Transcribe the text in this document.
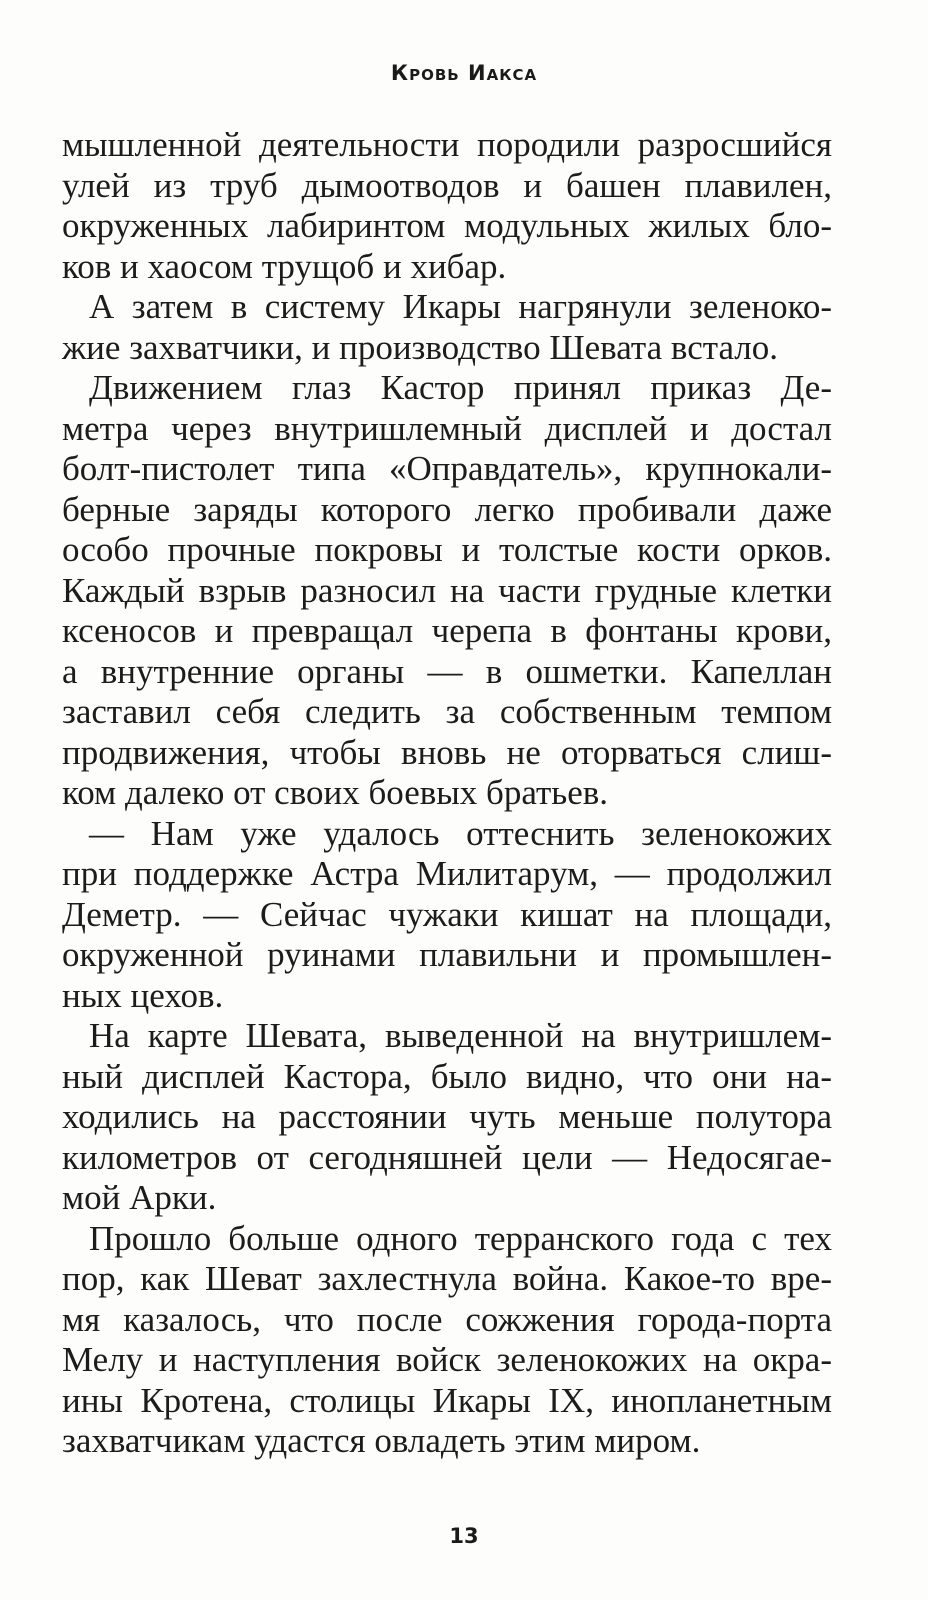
Кровь Иакса
мышленной деятельности породили разросшийся
улей из труб дымоотводов и башен плавилен,
окруженных лабиринтом модульных жилых бло-
ков и хаосом трущоб и хибар.
А затем в систему Икары нагрянули зеленоко-
жие захватчики, и производство Шевата встало.
Движением глаз Кастор принял приказ Де-
метра через внутришлемный дисплей и достал
болт-пистолет типа «Оправдатель», крупнокали-
берные заряды которого легко пробивали даже
особо прочные покровы и толстые кости орков.
Каждый взрыв разносил на части грудные клетки
ксеносов и превращал черепа в фонтаны крови,
а внутренние органы — в ошметки. Капеллан
заставил себя следить за собственным темпом
продвижения, чтобы вновь не оторваться слиш-
ком далеко от своих боевых братьев.
— Нам уже удалось оттеснить зеленокожих
при поддержке Астра Милитарум, — продолжил
Деметр. — Сейчас чужаки кишат на площади,
окруженной руинами плавильни и промышлен-
ных цехов.
На карте Шевата, выведенной на внутришлем-
ный дисплей Кастора, было видно, что они на-
ходились на расстоянии чуть меньше полутора
километров от сегодняшней цели — Недосягае-
мой Арки.
Прошло больше одного терранского года с тех
пор, как Шеват захлестнула война. Какое-то вре-
мя казалось, что после сожжения города-порта
Мелу и наступления войск зеленокожих на окра-
ины Кротена, столицы Икары IX, инопланетным
захватчикам удастся овладеть этим миром.
13
